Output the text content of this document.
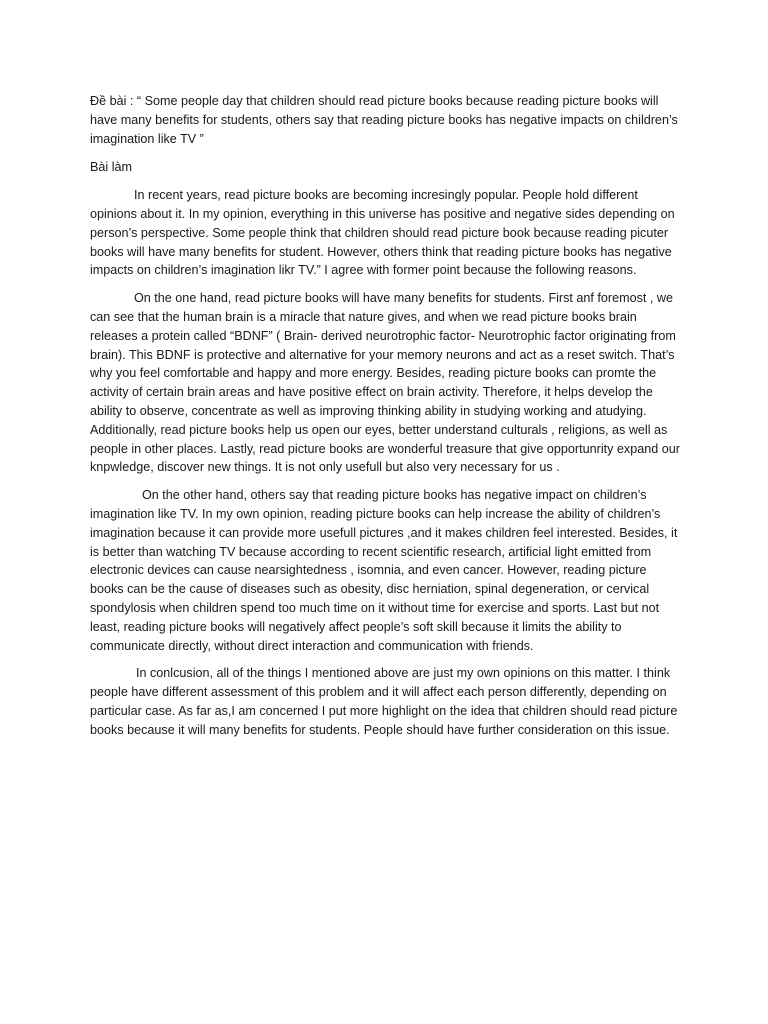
Đề bài : “ Some people day that children should read picture books because reading picture books will have many benefits for students, others say that reading picture books has negative impacts on children’s imagination like TV ”

Bài làm

In recent years, read picture books are becoming incresingly popular. People hold different opinions about it. In my opinion, everything in this universe has positive and negative sides depending on person’s perspective. Some people think that children should read picture book because reading picuter books will have many benefits for student. However, others think that reading picture books has negative impacts on children’s imagination likr TV.” I agree with former point because the following reasons.

On the one hand, read picture books will have many benefits for students. First anf foremost , we can see that the human brain is a miracle that nature gives, and when we read picture books brain releases a protein called “BDNF” ( Brain- derived neurotrophic factor- Neurotrophic factor originating from brain). This BDNF is protective and alternative for your memory neurons and act as a reset switch. That’s why you feel comfortable and happy and more energy. Besides, reading picture books can promte the activity of certain brain areas and have positive effect on brain activity. Therefore, it helps develop the ability to observe, concentrate as well as improving thinking ability in studying working and atudying. Additionally, read picture books help us open our eyes, better understand culturals , religions, as well as people in other places. Lastly, read picture books are wonderful treasure that give opportunrity expand our knpwledge, discover new things. It is not only usefull but also very necessary for us .

On the other hand, others say that reading picture books has negative impact on children’s imagination like TV. In my own opinion, reading picture books can help increase the ability of children’s imagination because it can provide more usefull pictures ,and it makes children feel interested. Besides, it is better than watching TV because according to recent scientific research, artificial light emitted from electronic devices can cause nearsightedness , isomnia, and even cancer. However, reading picture books can be the cause of diseases such as obesity, disc herniation, spinal degeneration, or cervical spondylosis when children spend too much time on it without time for exercise and sports. Last but not least, reading picture books will negatively affect people’s soft skill because it limits the ability to communicate directly, without direct interaction and communication with friends.

In conlcusion, all of the things I mentioned above are just my own opinions on this matter. I think people have different assessment of this problem and it will affect each person differently, depending on particular case. As far as,I am concerned I put more highlight on the idea that children should read picture books because it will many benefits for students. People should have further consideration on this issue.
